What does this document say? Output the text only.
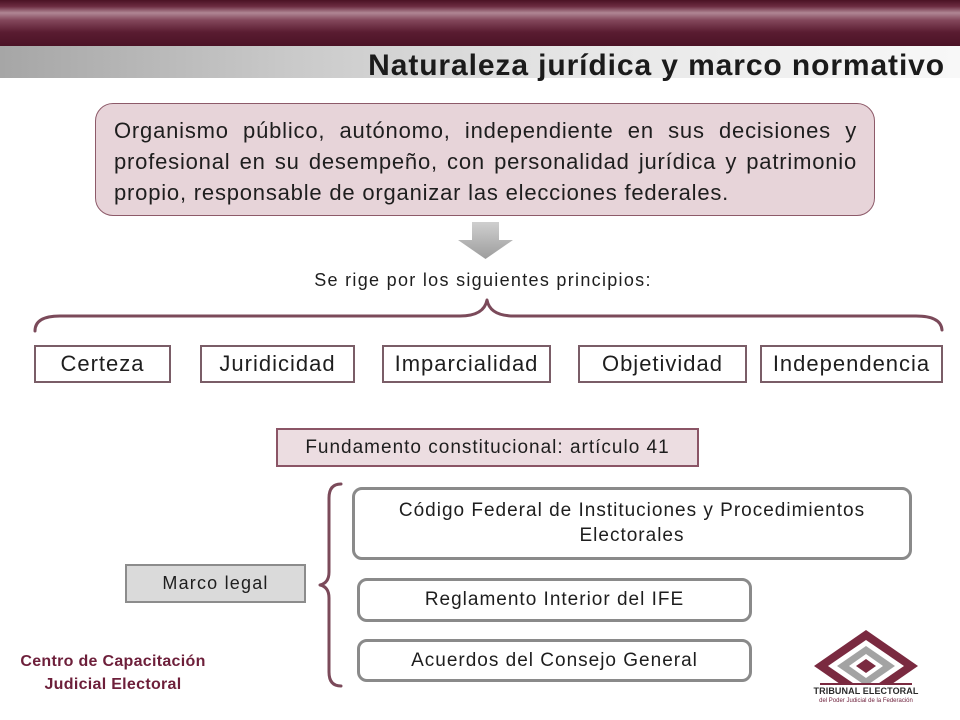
Naturaleza jurídica y marco normativo
Organismo público, autónomo, independiente en sus decisiones y
profesional en su desempeño, con personalidad jurídica y patrimonio
propio, responsable de organizar las elecciones federales.
Se rige por los siguientes principios:
Certeza	Juridicidad	Imparcialidad	Objetividad	Independencia
Fundamento constitucional: artículo 41
Marco legal
Código Federal de Instituciones y Procedimientos Electorales
Reglamento Interior del IFE
Acuerdos del Consejo General
Centro de Capacitación
Judicial Electoral	TRIBUNAL ELECTORAL
del Poder Judicial de la Federación
